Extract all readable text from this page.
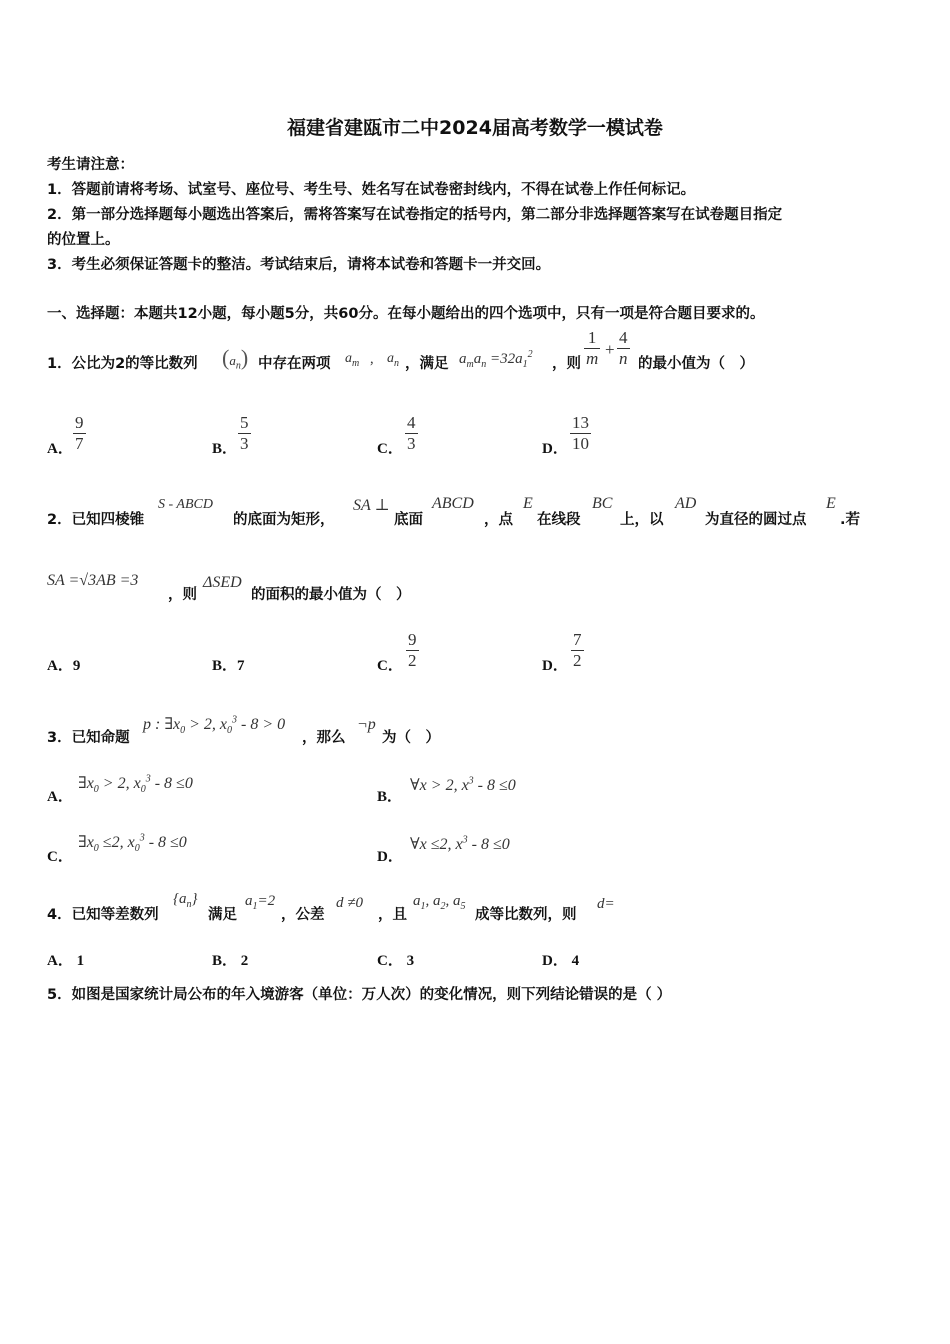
福建省建瓯市二中2024届高考数学一模试卷
考生请注意：
1．答题前请将考场、试室号、座位号、考生号、姓名写在试卷密封线内，不得在试卷上作任何标记。
2．第一部分选择题每小题选出答案后，需将答案写在试卷指定的括号内，第二部分非选择题答案写在试卷题目指定
的位置上。
3．考生必须保证答题卡的整洁。考试结束后，请将本试卷和答题卡一并交回。
一、选择题：本题共12小题，每小题5分，共60分。在每小题给出的四个选项中，只有一项是符合题目要求的。
1．公比为2的等比数列 $(a_n)$ 中存在两项 $a_m$ , $a_n$ ，满足 $a_ma_n =32a_1^2$
，则 $\frac{1}{m} + \frac{4}{n}$ 的最小值为（　）
A． $\frac{9}{7}$	B． $\frac{5}{3}$	C． $\frac{4}{3}$	D． $\frac{13}{10}$
2．已知四棱锥
S - ABCD
的底面为矩形，
SA ⊥
底面
ABCD
，点
E
在线段
BC
上，以
AD
为直径的圆过点
E
.若
SA =√3AB =3
，则
ΔSED
的面积的最小值为（　）
A．9	B．7	C． $\frac{9}{2}$	D． $\frac{7}{2}$
3．已知命题
p : $\exists x_0 > 2$, $x_0^3 - 8 > 0$
，那么
¬p
为（　）
A．
$\exists x_0 > 2$, $x_0^3 - 8 \le 0$
B．
∀x > 2, $x^3 - 8 \le 0$
C．
$\exists x_0 \le 2$, $x_0^3 - 8 \le 0$
D．
∀x ≤2, $x^3 - 8 \le 0$
4．已知等差数列
$\{a_n\}$
满足
$a_1=2$
，公差
d ≠0
，且
$a_1$, $a_2$, $a_5$
成等比数列，则
d=
A． 1	B． 2	C． 3	D． 4
5．如图是国家统计局公布的年入境游客（单位：万人次）的变化情况，则下列结论错误的是（ ）
